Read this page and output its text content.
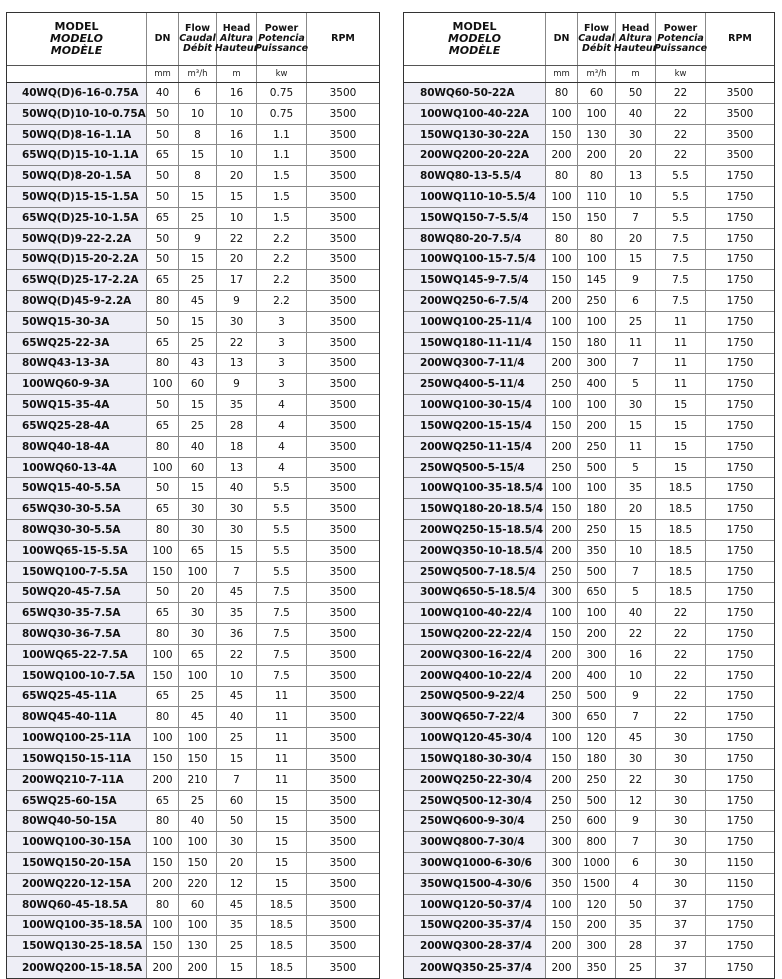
MODEL
MODELO
MODÈLE
DN
Flow
Caudal
Débit
Head
Altura
Hauteur
Power
Potencia
Puissance
RPM
mm	m³/h	m	kw
40WQ(D)6-16-0.75A	40	6	16	0.75	3500
50WQ(D)10-10-0.75A 50	10	10	0.75	3500
50WQ(D)8-16-1.1A	50	8	16	1.1	3500
65WQ(D)15-10-1.1A	65	15	10	1.1	3500
50WQ(D)8-20-1.5A	50	8	20	1.5	3500
50WQ(D)15-15-1.5A	50	15	15	1.5	3500
65WQ(D)25-10-1.5A	65	25	10	1.5	3500
50WQ(D)9-22-2.2A	50	9	22	2.2	3500
50WQ(D)15-20-2.2A	50	15	20	2.2	3500
65WQ(D)25-17-2.2A	65	25	17	2.2	3500
80WQ(D)45-9-2.2A	80	45	9	2.2	3500
50WQ15-30-3A	50	15	30	3	3500
65WQ25-22-3A	65	25	22	3	3500
80WQ43-13-3A	80	43	13	3	3500
100WQ60-9-3A	100	60	9	3	3500
50WQ15-35-4A	50	15	35	4	3500
65WQ25-28-4A	65	25	28	4	3500
80WQ40-18-4A	80	40	18	4	3500
100WQ60-13-4A	100	60	13	4	3500
50WQ15-40-5.5A	50	15	40	5.5	3500
65WQ30-30-5.5A	65	30	30	5.5	3500
80WQ30-30-5.5A	80	30	30	5.5	3500
100WQ65-15-5.5A	100	65	15	5.5	3500
150WQ100-7-5.5A	150	100	7	5.5	3500
50WQ20-45-7.5A	50	20	45	7.5	3500
65WQ30-35-7.5A	65	30	35	7.5	3500
80WQ30-36-7.5A	80	30	36	7.5	3500
100WQ65-22-7.5A	100	65	22	7.5	3500
150WQ100-10-7.5A	150	100	10	7.5	3500
65WQ25-45-11A	65	25	45	11	3500
80WQ45-40-11A	80	45	40	11	3500
100WQ100-25-11A	100	100	25	11	3500
150WQ150-15-11A	150	150	15	11	3500
200WQ210-7-11A	200	210	7	11	3500
65WQ25-60-15A	65	25	60	15	3500
80WQ40-50-15A	80	40	50	15	3500
100WQ100-30-15A	100	100	30	15	3500
150WQ150-20-15A	150	150	20	15	3500
200WQ220-12-15A	200	220	12	15	3500
80WQ60-45-18.5A	80	60	45	18.5	3500
100WQ100-35-18.5A 100	100	35	18.5	3500
150WQ130-25-18.5A 150	130	25	18.5	3500
200WQ200-15-18.5A 200	200	15	18.5	3500
MODEL
MODELO
MODÈLE
DN
Flow
Caudal
Débit
Head
Altura
Hauteur
Power
Potencia
Puissance
RPM
mm	m³/h	m	kw
80WQ60-50-22A	80	60	50	22	3500
100WQ100-40-22A	100	100	40	22	3500
150WQ130-30-22A	150	130	30	22	3500
200WQ200-20-22A	200	200	20	22	3500
80WQ80-13-5.5/4	80	80	13	5.5	1750
100WQ110-10-5.5/4	100	110	10	5.5	1750
150WQ150-7-5.5/4	150	150	7	5.5	1750
80WQ80-20-7.5/4	80	80	20	7.5	1750
100WQ100-15-7.5/4	100	100	15	7.5	1750
150WQ145-9-7.5/4	150	145	9	7.5	1750
200WQ250-6-7.5/4	200	250	6	7.5	1750
100WQ100-25-11/4	100	100	25	11	1750
150WQ180-11-11/4	150	180	11	11	1750
200WQ300-7-11/4	200	300	7	11	1750
250WQ400-5-11/4	250	400	5	11	1750
100WQ100-30-15/4	100	100	30	15	1750
150WQ200-15-15/4	150	200	15	15	1750
200WQ250-11-15/4	200	250	11	15	1750
250WQ500-5-15/4	250	500	5	15	1750
100WQ100-35-18.5/4 100	100	35	18.5	1750
150WQ180-20-18.5/4 150	180	20	18.5	1750
200WQ250-15-18.5/4 200	250	15	18.5	1750
200WQ350-10-18.5/4 200	350	10	18.5	1750
250WQ500-7-18.5/4	250	500	7	18.5	1750
300WQ650-5-18.5/4	300	650	5	18.5	1750
100WQ100-40-22/4	100	100	40	22	1750
150WQ200-22-22/4	150	200	22	22	1750
200WQ300-16-22/4	200	300	16	22	1750
200WQ400-10-22/4	200	400	10	22	1750
250WQ500-9-22/4	250	500	9	22	1750
300WQ650-7-22/4	300	650	7	22	1750
100WQ120-45-30/4	100	120	45	30	1750
150WQ180-30-30/4	150	180	30	30	1750
200WQ250-22-30/4	200	250	22	30	1750
250WQ500-12-30/4	250	500	12	30	1750
250WQ600-9-30/4	250	600	9	30	1750
300WQ800-7-30/4	300	800	7	30	1750
300WQ1000-6-30/6	300	1000	6	30	1150
350WQ1500-4-30/6	350	1500	4	30	1150
100WQ120-50-37/4	100	120	50	37	1750
150WQ200-35-37/4	150	200	35	37	1750
200WQ300-28-37/4	200	300	28	37	1750
200WQ350-25-37/4	200	350	25	37	1750
